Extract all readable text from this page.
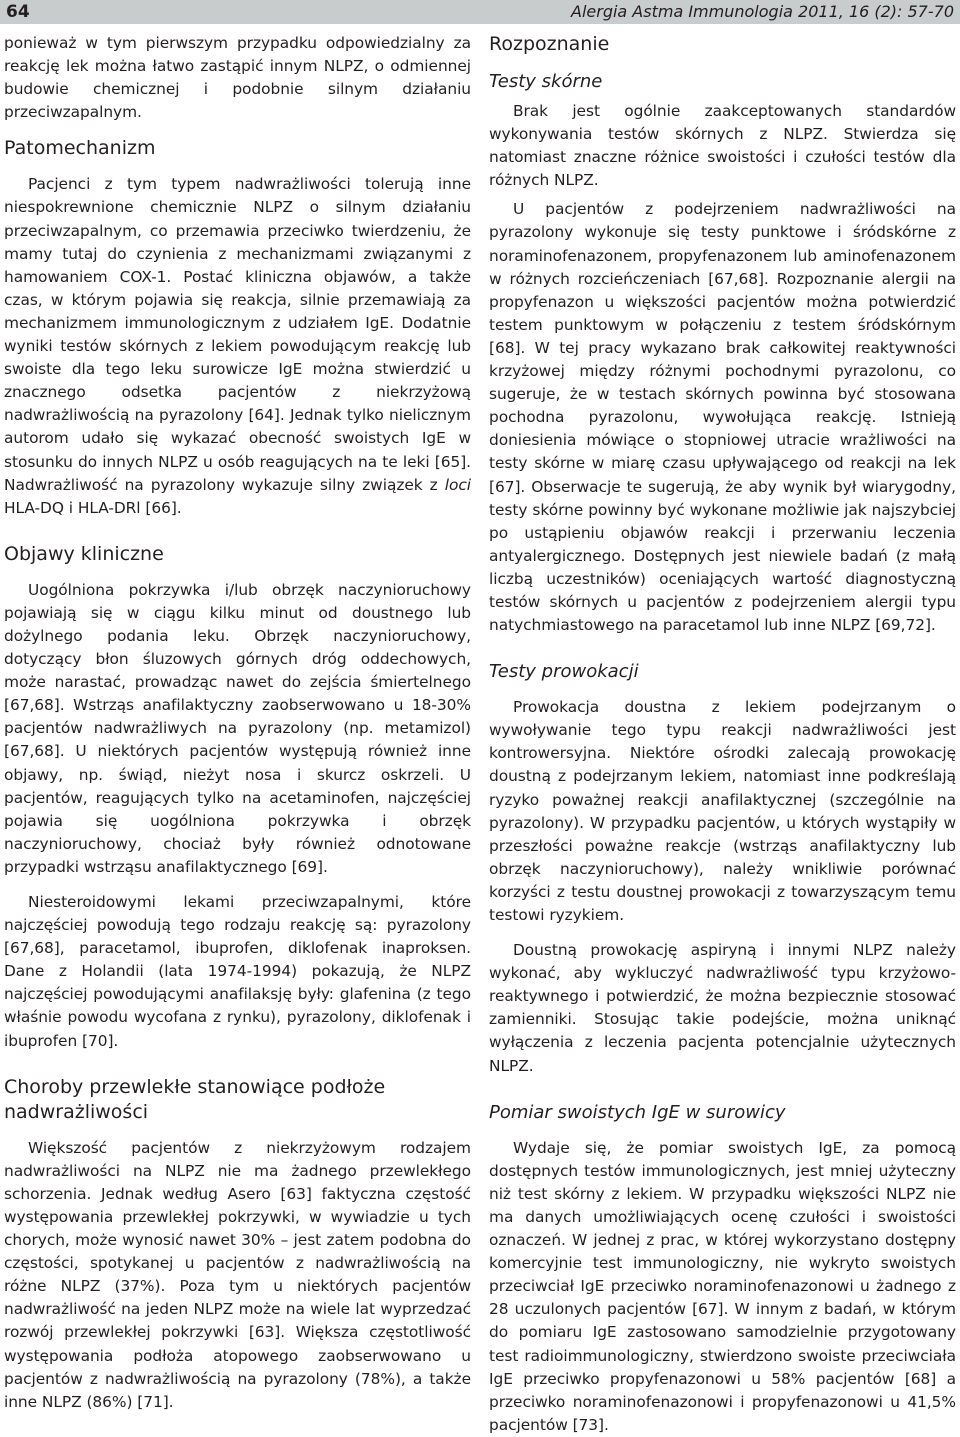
64	Alergia Astma Immunologia 2011, 16 (2): 57-70

ponieważ w tym pierwszym przypadku odpowiedzialny za reakcję lek można łatwo zastąpić innym NLPZ, o odmiennej budowie chemicznej i podobnie silnym działaniu przeciwzapalnym.

Patomechanizm

Pacjenci z tym typem nadwrażliwości tolerują inne niespokrewnione chemicznie NLPZ o silnym działaniu przeciwzapalnym, co przemawia przeciwko twierdzeniu, że mamy tutaj do czynienia z mechanizmami związanymi z hamowaniem COX-1. Postać kliniczna objawów, a także czas, w którym pojawia się reakcja, silnie przemawiają za mechanizmem immunologicznym z udziałem IgE. Dodatnie wyniki testów skórnych z lekiem powodującym reakcję lub swoiste dla tego leku surowicze IgE można stwierdzić u znacznego odsetka pacjentów z niekrzyżową nadwrażliwością na pyrazolony [64]. Jednak tylko nielicznym autorom udało się wykazać obecność swoistych IgE w stosunku do innych NLPZ u osób reagujących na te leki [65]. Nadwrażliwość na pyrazolony wykazuje silny związek z loci HLA-DQ i HLA-DRl [66].

Objawy kliniczne

Uogólniona pokrzywka i/lub obrzęk naczynioruchowy pojawiają się w ciągu kilku minut od doustnego lub dożylnego podania leku. Obrzęk naczynioruchowy, dotyczący błon śluzowych górnych dróg oddechowych, może narastać, prowadząc nawet do zejścia śmiertelnego [67,68]. Wstrząs anafilaktyczny zaobserwowano u 18-30% pacjentów nadwrażliwych na pyrazolony (np. metamizol) [67,68]. U niektórych pacjentów występują również inne objawy, np. świąd, nieżyt nosa i skurcz oskrzeli. U pacjentów, reagujących tylko na acetaminofen, najczęściej pojawia się uogólniona pokrzywka i obrzęk naczynioruchowy, chociaż były również odnotowane przypadki wstrząsu anafilaktycznego [69].

Niesteroidowymi lekami przeciwzapalnymi, które najczęściej powodują tego rodzaju reakcję są: pyrazolony [67,68], paracetamol, ibuprofen, diklofenak inaproksen. Dane z Holandii (lata 1974-1994) pokazują, że NLPZ najczęściej powodującymi anafilaksję były: glafenina (z tego właśnie powodu wycofana z rynku), pyrazolony, diklofenak i ibuprofen [70].

Choroby przewlekłe stanowiące podłoże nadwrażliwości

Większość pacjentów z niekrzyżowym rodzajem nadwrażliwości na NLPZ nie ma żadnego przewlekłego schorzenia. Jednak według Asero [63] faktyczna częstość występowania przewlekłej pokrzywki, w wywiadzie u tych chorych, może wynosić nawet 30% – jest zatem podobna do częstości, spotykanej u pacjentów z nadwrażliwością na różne NLPZ (37%). Poza tym u niektórych pacjentów nadwrażliwość na jeden NLPZ może na wiele lat wyprzedzać rozwój przewlekłej pokrzywki [63]. Większa częstotliwość występowania podłoża atopowego zaobserwowano u pacjentów z nadwrażliwością na pyrazolony (78%), a także inne NLPZ (86%) [71].

Rozpoznanie
Testy skórne

Brak jest ogólnie zaakceptowanych standardów wykonywania testów skórnych z NLPZ. Stwierdza się natomiast znaczne różnice swoistości i czułości testów dla różnych NLPZ.

U pacjentów z podejrzeniem nadwrażliwości na pyrazolony wykonuje się testy punktowe i śródskórne z noraminofenazonem, propyfenazonem lub aminofenazonem w różnych rozcieńczeniach [67,68]. Rozpoznanie alergii na propyfenazon u większości pacjentów można potwierdzić testem punktowym w połączeniu z testem śródskórnym [68]. W tej pracy wykazano brak całkowitej reaktywności krzyżowej między różnymi pochodnymi pyrazolonu, co sugeruje, że w testach skórnych powinna być stosowana pochodna pyrazolonu, wywołująca reakcję. Istnieją doniesienia mówiące o stopniowej utracie wrażliwości na testy skórne w miarę czasu upływającego od reakcji na lek [67]. Obserwacje te sugerują, że aby wynik był wiarygodny, testy skórne powinny być wykonane możliwie jak najszybciej po ustąpieniu objawów reakcji i przerwaniu leczenia antyalergicznego. Dostępnych jest niewiele badań (z małą liczbą uczestników) oceniających wartość diagnostyczną testów skórnych u pacjentów z podejrzeniem alergii typu natychmiastowego na paracetamol lub inne NLPZ [69,72].

Testy prowokacji

Prowokacja doustna z lekiem podejrzanym o wywoływanie tego typu reakcji nadwrażliwości jest kontrowersyjna. Niektóre ośrodki zalecają prowokację doustną z podejrzanym lekiem, natomiast inne podkreślają ryzyko poważnej reakcji anafilaktycznej (szczególnie na pyrazolony). W przypadku pacjentów, u których wystąpiły w przeszłości poważne reakcje (wstrząs anafilaktyczny lub obrzęk naczynioruchowy), należy wnikliwie porównać korzyści z testu doustnej prowokacji z towarzyszącym temu testowi ryzykiem.

Doustną prowokację aspiryną i innymi NLPZ należy wykonać, aby wykluczyć nadwrażliwość typu krzyżowo-reaktywnego i potwierdzić, że można bezpiecznie stosować zamienniki. Stosując takie podejście, można uniknąć wyłączenia z leczenia pacjenta potencjalnie użytecznych NLPZ.

Pomiar swoistych IgE w surowicy

Wydaje się, że pomiar swoistych IgE, za pomocą dostępnych testów immunologicznych, jest mniej użyteczny niż test skórny z lekiem. W przypadku większości NLPZ nie ma danych umożliwiających ocenę czułości i swoistości oznaczeń. W jednej z prac, w której wykorzystano dostępny komercyjnie test immunologiczny, nie wykryto swoistych przeciwciał IgE przeciwko noraminofenazonowi u żadnego z 28 uczulonych pacjentów [67]. W innym z badań, w którym do pomiaru IgE zastosowano samodzielnie przygotowany test radioimmunologiczny, stwierdzono swoiste przeciwciała IgE przeciwko propyfenazonowi u 58% pacjentów [68] a przeciwko noraminofenazonowi i propyfenazonowi u 41,5% pacjentów [73].
